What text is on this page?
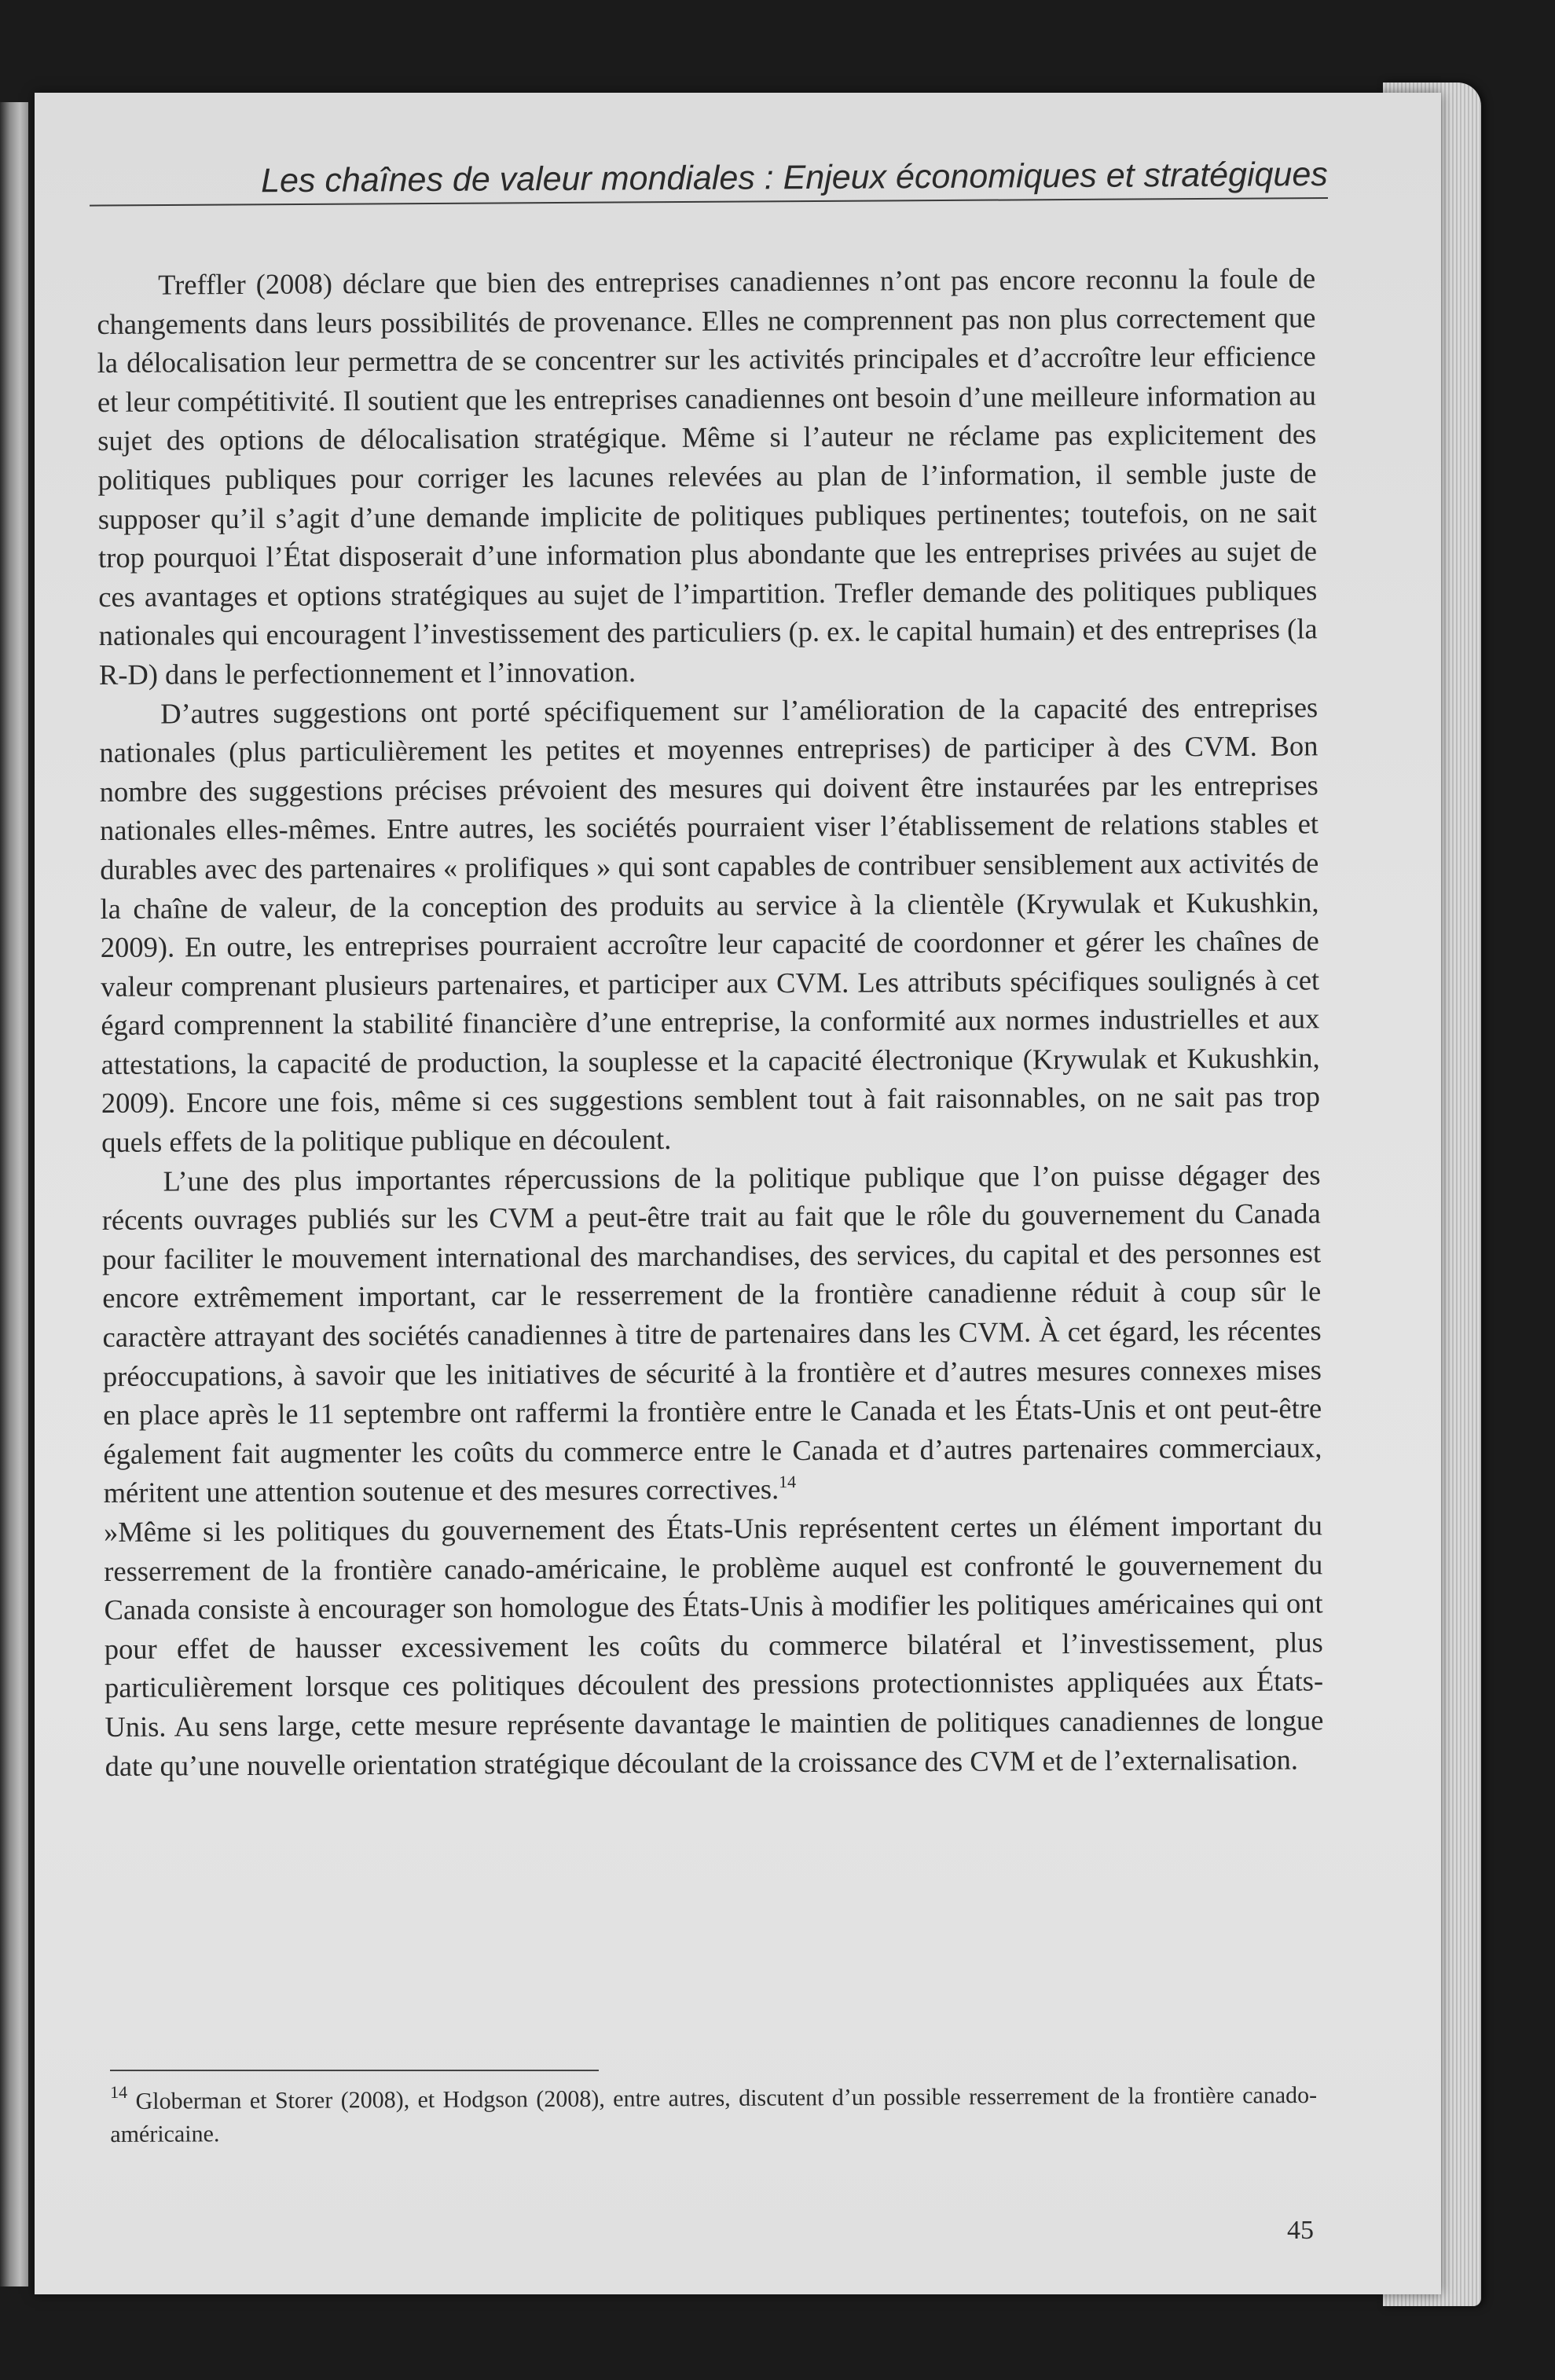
Les chaînes de valeur mondiales : Enjeux économiques et stratégiques

Treffler (2008) déclare que bien des entreprises canadiennes n’ont pas encore reconnu la foule de changements dans leurs possibilités de provenance. Elles ne comprennent pas non plus correctement que la délocalisation leur permettra de se concentrer sur les activités principales et d’accroître leur efficience et leur compétitivité. Il soutient que les entreprises canadiennes ont besoin d’une meilleure information au sujet des options de délocalisation stratégique. Même si l’auteur ne réclame pas explicitement des politiques publiques pour corriger les lacunes relevées au plan de l’information, il semble juste de supposer qu’il s’agit d’une demande implicite de politiques publiques pertinentes; toutefois, on ne sait trop pourquoi l’État disposerait d’une information plus abondante que les entreprises privées au sujet de ces avantages et options stratégiques au sujet de l’impartition. Trefler demande des politiques publiques nationales qui encouragent l’investissement des particuliers (p. ex. le capital humain) et des entreprises (la R-D) dans le perfectionnement et l’innovation.

D’autres suggestions ont porté spécifiquement sur l’amélioration de la capacité des entreprises nationales (plus particulièrement les petites et moyennes entreprises) de participer à des CVM. Bon nombre des suggestions précises prévoient des mesures qui doivent être instaurées par les entreprises nationales elles-mêmes. Entre autres, les sociétés pourraient viser l’établissement de relations stables et durables avec des partenaires « prolifiques » qui sont capables de contribuer sensiblement aux activités de la chaîne de valeur, de la conception des produits au service à la clientèle (Krywulak et Kukushkin, 2009). En outre, les entreprises pourraient accroître leur capacité de coordonner et gérer les chaînes de valeur comprenant plusieurs partenaires, et participer aux CVM. Les attributs spécifiques soulignés à cet égard comprennent la stabilité financière d’une entreprise, la conformité aux normes industrielles et aux attestations, la capacité de production, la souplesse et la capacité électronique (Krywulak et Kukushkin, 2009). Encore une fois, même si ces suggestions semblent tout à fait raisonnables, on ne sait pas trop quels effets de la politique publique en découlent.

L’une des plus importantes répercussions de la politique publique que l’on puisse dégager des récents ouvrages publiés sur les CVM a peut-être trait au fait que le rôle du gouvernement du Canada pour faciliter le mouvement international des marchandises, des services, du capital et des personnes est encore extrêmement important, car le resserrement de la frontière canadienne réduit à coup sûr le caractère attrayant des sociétés canadiennes à titre de partenaires dans les CVM. À cet égard, les récentes préoccupations, à savoir que les initiatives de sécurité à la frontière et d’autres mesures connexes mises en place après le 11 septembre ont raffermi la frontière entre le Canada et les États-Unis et ont peut-être également fait augmenter les coûts du commerce entre le Canada et d’autres partenaires commerciaux, méritent une attention soutenue et des mesures correctives.$^{14}$

»Même si les politiques du gouvernement des États-Unis représentent certes un élément important du resserrement de la frontière canado-américaine, le problème auquel est confronté le gouvernement du Canada consiste à encourager son homologue des États-Unis à modifier les politiques américaines qui ont pour effet de hausser excessivement les coûts du commerce bilatéral et l’investissement, plus particulièrement lorsque ces politiques découlent des pressions protectionnistes appliquées aux États-Unis. Au sens large, cette mesure représente davantage le maintien de politiques canadiennes de longue date qu’une nouvelle orientation stratégique découlant de la croissance des CVM et de l’externalisation.

$^{14}$ Globerman et Storer (2008), et Hodgson (2008), entre autres, discutent d’un possible resserrement de la frontière canado-américaine.
45
